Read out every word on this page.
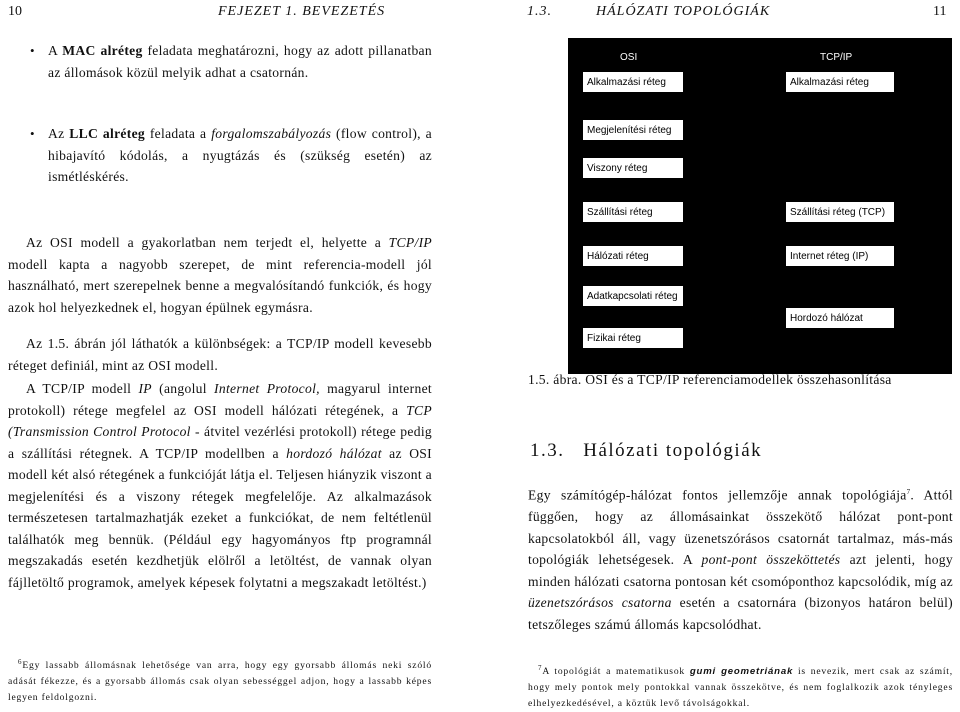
10	FEJEZET 1. BEVEZETÉS
• A MAC alréteg feladata meghatározni, hogy az adott pillanatban az állomások közül melyik adhat a csatornán.
• Az LLC alréteg feladata a forgalomszabályozás (flow control), a hibajavító kódolás, a nyugtázás és (szükség esetén) az ismétléskérés.
Az OSI modell a gyakorlatban nem terjedt el, helyette a TCP/IP modell kapta a nagyobb szerepet, de mint referencia-modell jól használható, mert szerepelnek benne a megvalósítandó funkciók, és hogy azok hol helyezkednek el, hogyan épülnek egymásra.
Az 1.5. ábrán jól láthatók a különbségek: a TCP/IP modell kevesebb réteget definiál, mint az OSI modell.
A TCP/IP modell IP (angolul Internet Protocol, magyarul internet protokoll) rétege megfelel az OSI modell hálózati rétegének, a TCP (Transmission Control Protocol - átvitel vezérlési protokoll) rétege pedig a szállítási rétegnek. A TCP/IP modellben a hordozó hálózat az OSI modell két alsó rétegének a funkcióját látja el. Teljesen hiányzik viszont a megjelenítési és a viszony rétegek megfelelője. Az alkalmazások természetesen tartalmazhatják ezeket a funkciókat, de nem feltétlenül találhatók meg bennük. (Például egy hagyományos ftp programnál megszakadás esetén kezdhetjük elölről a letöltést, de vannak olyan fájlletöltő programok, amelyek képesek folytatni a megszakadt letöltést.)
$^6$Egy lassabb állomásnak lehetősége van arra, hogy egy gyorsabb állomás neki szóló adását fékezze, és a gyorsabb állomás csak olyan sebességgel adjon, hogy a lassabb képes legyen feldolgozni.
1.3.	HÁLÓZATI TOPOLÓGIÁK	11
OSI	TCP/IP
Alkalmazási réteg
Megjelenítési réteg
Viszony réteg
Szállítási réteg
Hálózati réteg
Adatkapcsolati réteg
Fizikai réteg
Alkalmazási réteg
Szállítási réteg (TCP)
Internet réteg (IP)
Hordozó hálózat
1.5. ábra. OSI és a TCP/IP referenciamodellek összehasonlítása
1.3. Hálózati topológiák
Egy számítógép-hálózat fontos jellemzője annak topológiája$^7$. Attól függően, hogy az állomásainkat összekötő hálózat pont-pont kapcsolatokból áll, vagy üzenetszórásos csatornát tartalmaz, más-más topológiák lehetségesek. A pont-pont összeköttetés azt jelenti, hogy minden hálózati csatorna pontosan két csomóponthoz kapcsolódik, míg az üzenetszórásos csatorna esetén a csatornára (bizonyos határon belül) tetszőleges számú állomás kapcsolódhat.
$^7$A topológiát a matematikusok gumi geometriának is nevezik, mert csak az számít, hogy mely pontok mely pontokkal vannak összekötve, és nem foglalkozik azok tényleges elhelyezkedésével, a köztük levő távolságokkal.
